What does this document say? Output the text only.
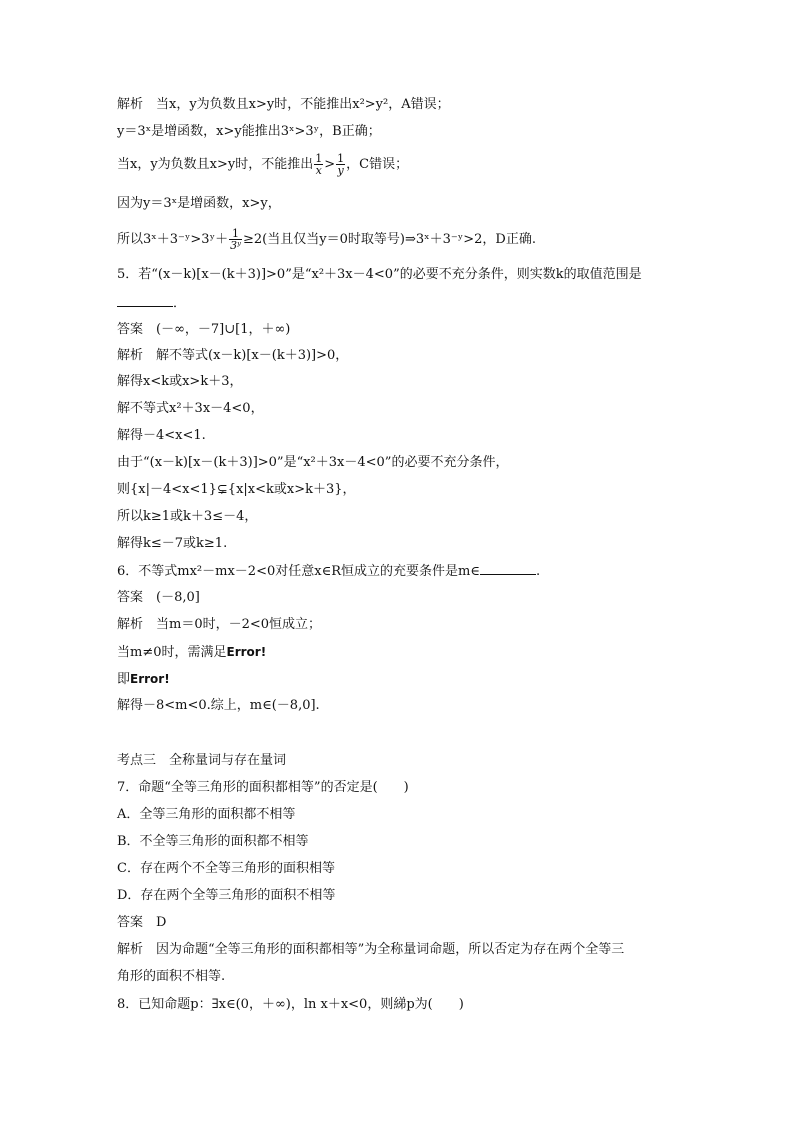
解析　当x，y为负数且x>y时，不能推出x²>y²，A错误；
y＝3ˣ是增函数，x>y能推出3ˣ>3ʸ，B正确；
当x，y为负数且x>y时，不能推出 $\frac{1}{x} > \frac{1}{y}$ ，C错误；
因为y＝3ˣ是增函数，x>y，
所以3ˣ＋3⁻ʸ>3ʸ＋ $\frac{1}{\text{3ʸ}} \ge 2$(当且仅当y＝0时取等号)⇒3ˣ＋3⁻ʸ>2，D正确.
5．若“(x－k)[x－(k＋3)]>0”是“x²＋3x－4<0”的必要不充分条件，则实数k的取值范围是
．
答案　(－∞，－7]∪[1，＋∞)
解析　解不等式(x－k)[x－(k＋3)]>0，
解得x<k或x>k＋3，
解不等式x²＋3x－4<0，
解得－4<x<1.
由于“(x－k)[x－(k＋3)]>0”是“x²＋3x－4<0”的必要不充分条件，
则{x|－4<x<1}⊊{x|x<k或x>k＋3}，
所以k≥1或k＋3≤－4，
解得k≤－7或k≥1.
6．不等式mx²－mx－2<0对任意x∈R恒成立的充要条件是m∈	.
答案　(－8,0]
解析　当m＝0时，－2<0恒成立；
当m≠0时，需满足Error!
即Error!
解得－8<m<0.综上，m∈(－8,0].
考点三　全称量词与存在量词
7．命题“全等三角形的面积都相等”的否定是(　　)
A．全等三角形的面积都不相等
B．不全等三角形的面积都不相等
C．存在两个不全等三角形的面积相等
D．存在两个全等三角形的面积不相等
答案　D
解析　因为命题“全等三角形的面积都相等”为全称量词命题，所以否定为存在两个全等三
角形的面积不相等.
8．已知命题p：∃x∈(0，＋∞)，ln x＋x<0，则綈p为(　　)
